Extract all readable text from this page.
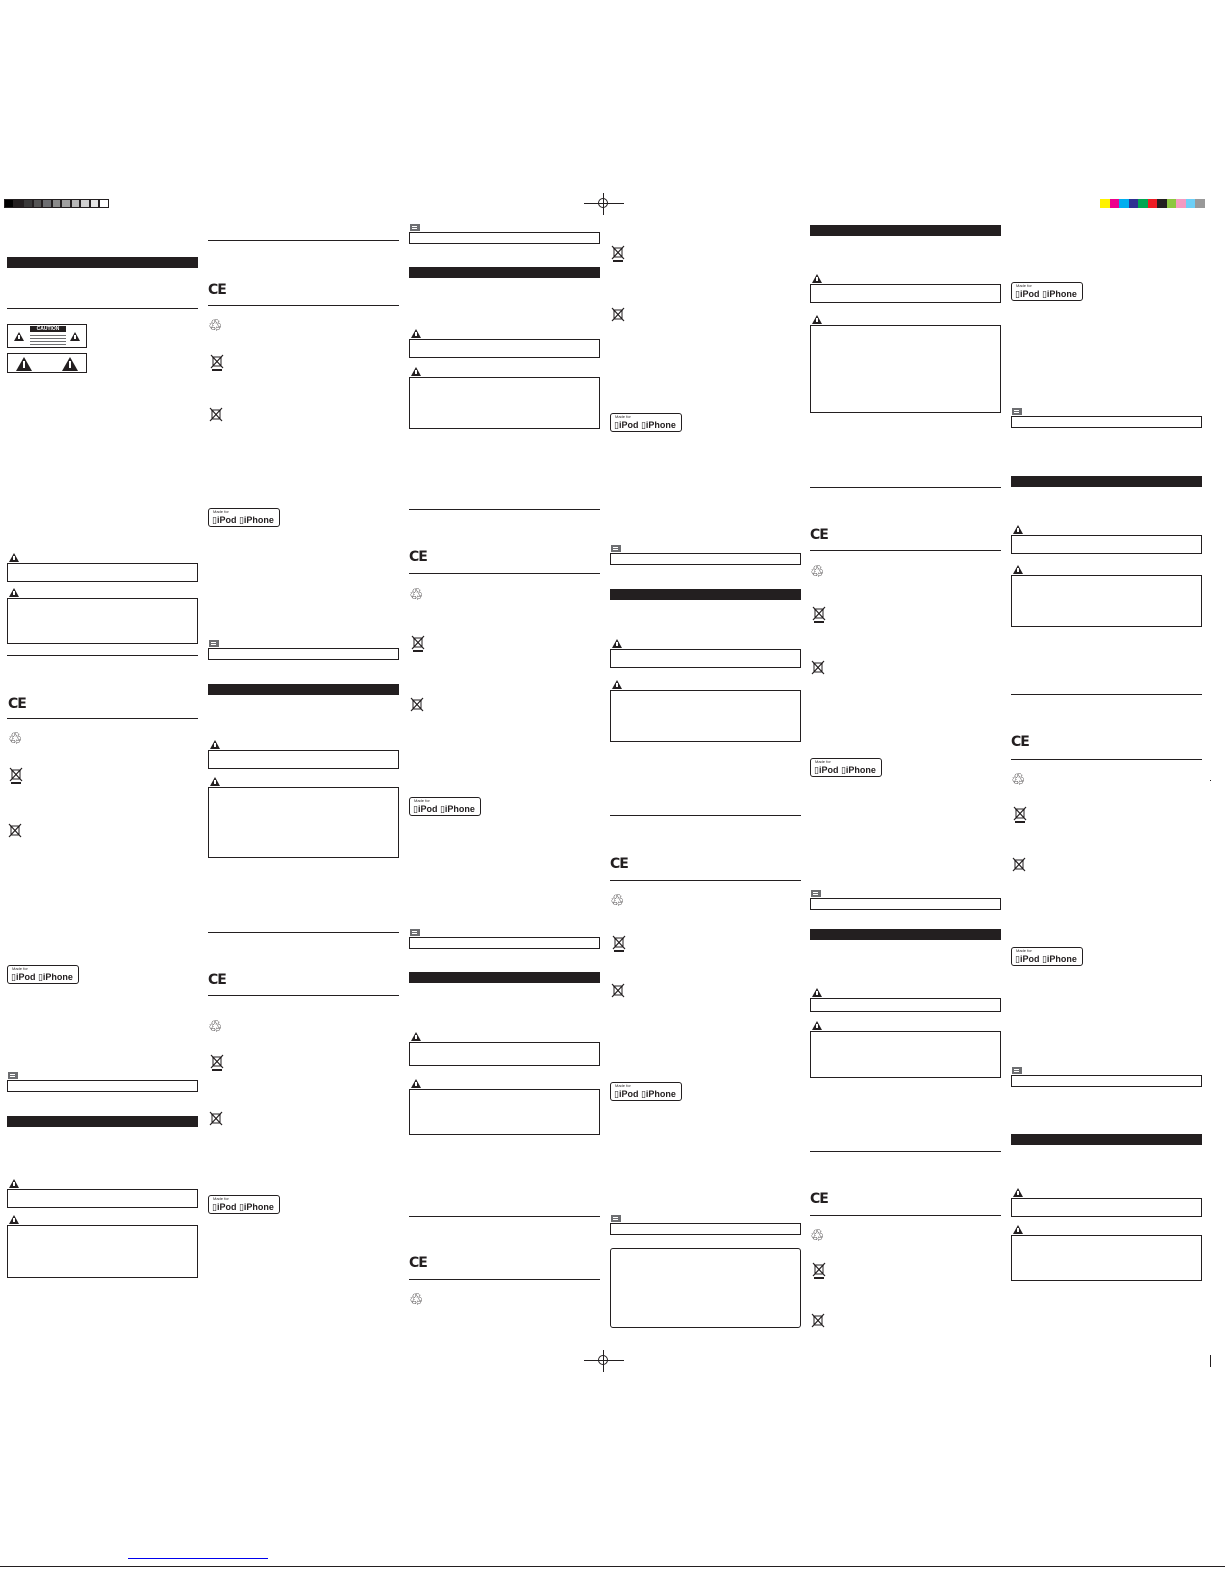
CAUTION
CE
♲
Made for
▯iPod ▯iPhone
CE
♲
Made for
▯iPod ▯iPhone
CE
♲
Made for
▯iPod ▯iPhone
CE
♲
Made for
▯iPod ▯iPhone
CE
♲
Made for
▯iPod ▯iPhone
CE
♲
Made for
▯iPod ▯iPhone
CE
♲
Made for
▯iPod ▯iPhone
CE
♲
Made for
▯iPod ▯iPhone
CE
♲
Made for
▯iPod ▯iPhone
